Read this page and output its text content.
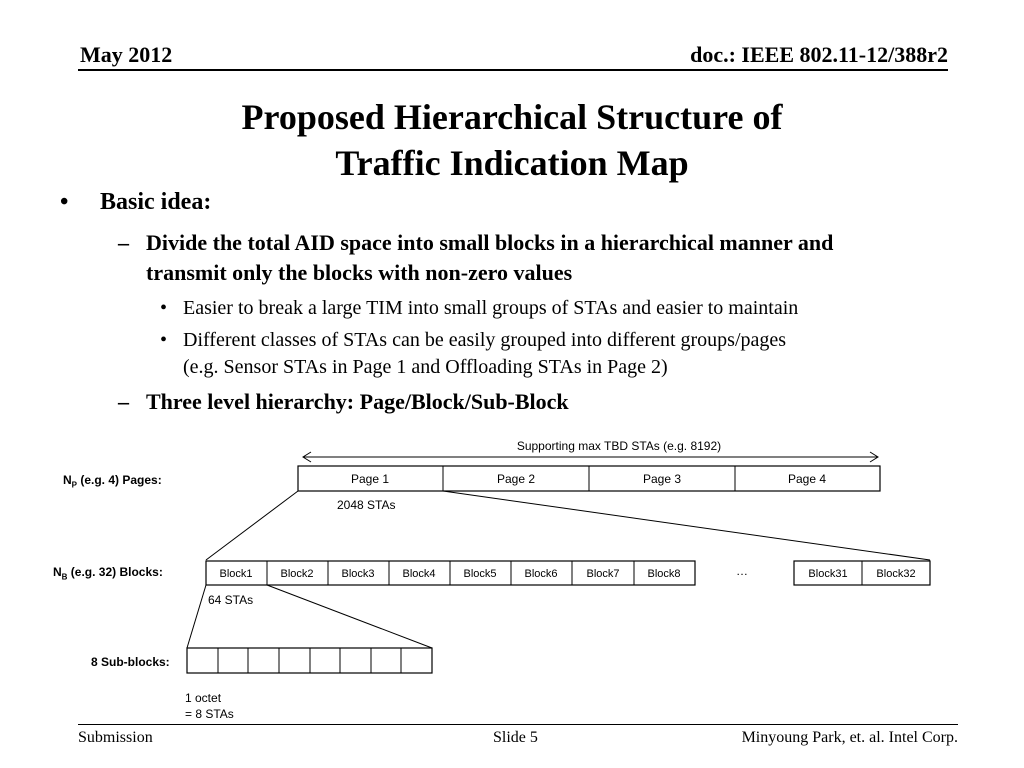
May 2012	doc.: IEEE 802.11-12/388r2
Proposed Hierarchical Structure of
Traffic Indication Map
• Basic idea:
– Divide the total AID space into small blocks in a hierarchical manner and
transmit only the blocks with non-zero values
• Easier to break a large TIM into small groups of STAs and easier to maintain
• Different classes of STAs can be easily grouped into different groups/pages
(e.g. Sensor STAs in Page 1 and Offloading STAs in Page 2)
– Three level hierarchy: Page/Block/Sub-Block
Supporting max TBD STAs (e.g. 8192)
Page 1	Page 2	Page 3	Page 4
2048 STAs
Block1	Block2	Block3	Block4	Block5	Block6	Block7	Block8	…	Block31	Block32
64 STAs
1 octet
= 8 STAs
$N_P$ (e.g. 4) Pages:
$N_B$ (e.g. 32) Blocks:
8 Sub-blocks:
Submission	Slide 5	Minyoung Park, et. al. Intel Corp.
